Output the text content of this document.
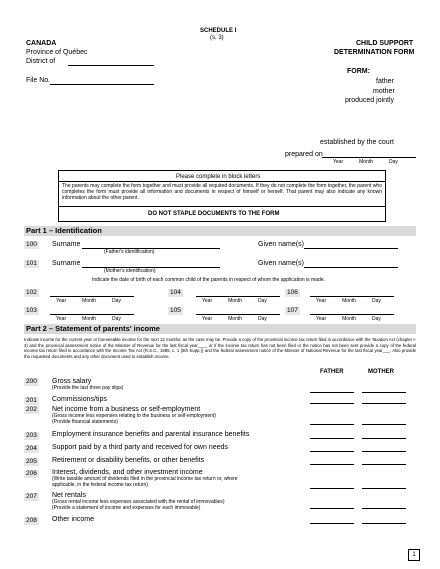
SCHEDULE I
(s. 3)
CANADA
Province of Québec
District of
File No.
CHILD SUPPORT
DETERMINATION FORM
FORM:
father
mother
produced jointly
established by the court
prepared on
Year	Month	Day
Please complete in block letters
The parents may complete the form together and must provide all required documents. If they do not complete the form together, the parent who completes the form must provide all information and documents in respect of himself or herself. That parent may also indicate any known information about the other parent.
DO NOT STAPLE DOCUMENTS TO THE FORM
Part 1 – Identification
100 Surname
(Father's identification)
Given name(s)
101 Surname
(Mother's identification)
Given name(s)
Indicate the date of birth of each common child of the parents in respect of whom the application is made.
102
Year	Month	Day
104
Year	Month	Day
106
Year	Month	Day
103
Year	Month	Day
105
Year	Month	Day
107
Year	Month	Day
Part 2 – Statement of parents' income
Indicate income for the current year or foreseeable income for the next 12 months, as the case may be. Provide a copy of the provincial income tax return filed in accordance with the Taxation Act (chapter I-3) and the provincial assessment notice of the Minister of Revenue for the last fiscal year____ or if the income tax return has not been filed or the notice has not been sent provide a copy of the federal income tax return filed in accordance with the Income Tax Act (R.S.C., 1985, c. 1 (5th Supp.)) and the federal assessment notice of the Minister of National Revenue for the last fiscal year___. Also provide the requested documents and any other document used to establish income.
FATHER	MOTHER
200 Gross salary
(Provide the last three pay slips)
201 Commissions/tips
202 Net income from a business or self-employment
(Gross income less expenses relating to the business or self-employment)
(Provide financial statements)
203 Employment insurance benefits and parental insurance benefits
204 Support paid by a third party and received for own needs
205 Retirement or disability benefits, or other benefits
206 Interest, dividends, and other investment income
(Write taxable amount of dividends filed in the provincial income tax return or, where applicable, in the federal income tax return)
207 Net rentals
(Gross rental income less expenses associated with the rental of immovables)
(Provide a statement of income and expenses for each immovable)
208 Other income
1
